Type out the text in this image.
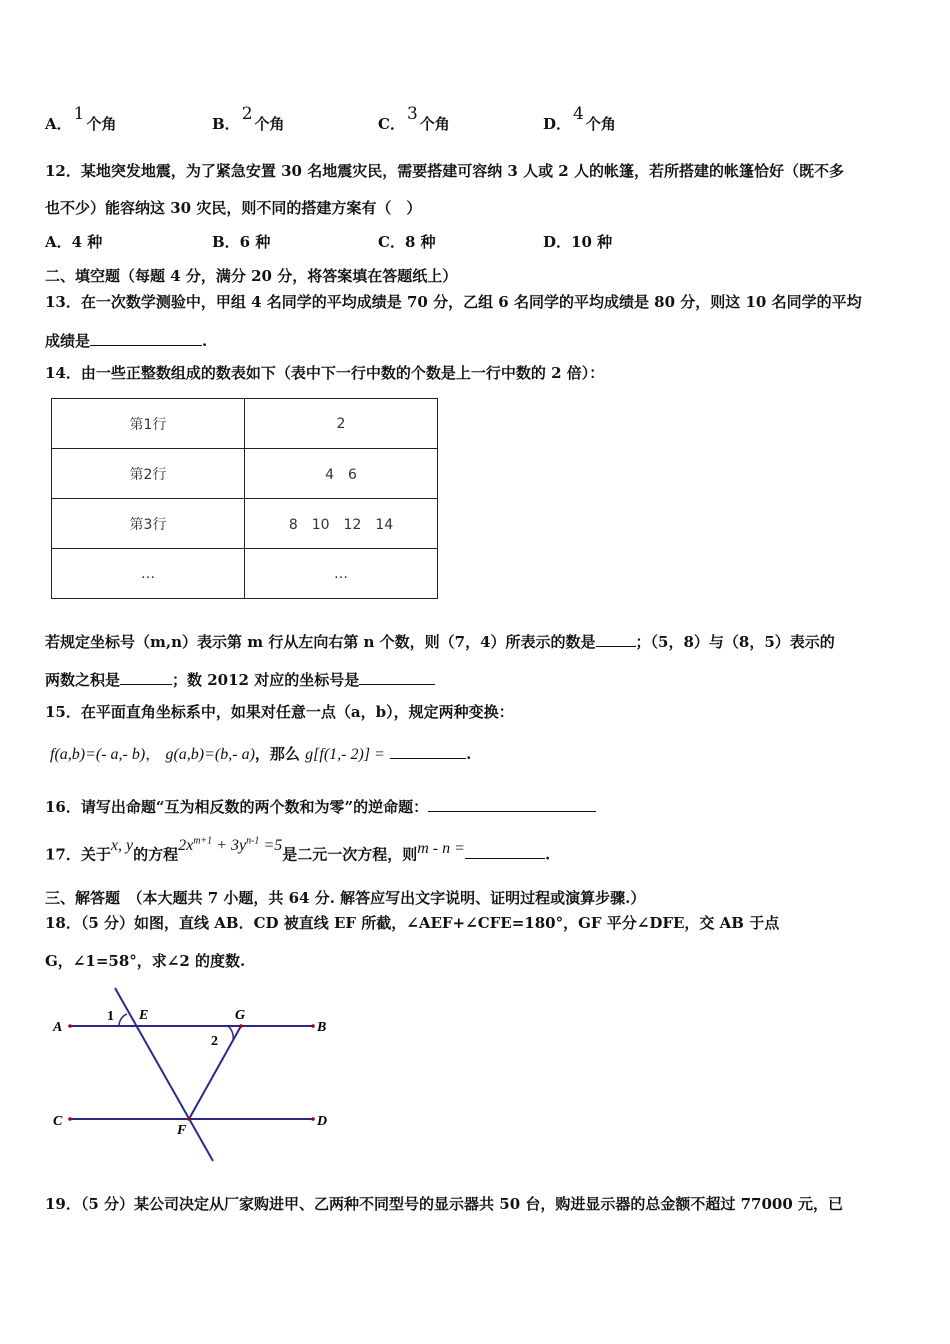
A． 1 个角	B． 2 个角	C． 3 个角	D． 4 个角
12．某地突发地震，为了紧急安置 30 名地震灾民，需要搭建可容纳 3 人或 2 人的帐篷，若所搭建的帐篷恰好（既不多
也不少）能容纳这 30 灾民，则不同的搭建方案有（　）
A．4 种	B．6 种	C．8 种	D．10 种
二、填空题（每题 4 分，满分 20 分，将答案填在答题纸上）
13．在一次数学测验中，甲组 4 名同学的平均成绩是 70 分，乙组 6 名同学的平均成绩是 80 分，则这 10 名同学的平均
成绩是	.
14．由一些正整数组成的数表如下（表中下一行中数的个数是上一行中数的 2 倍）：
第1行	2
第2行	4　6
第3行	8　10　12　14
…	…
若规定坐标号（m,n）表示第 m 行从左向右第 n 个数，则（7，4）所表示的数是	；（5，8）与（8，5）表示的
两数之积是	；数 2012 对应的坐标号是
15．在平面直角坐标系中，如果对任意一点（a，b），规定两种变换：
f(a,b)=(- a,- b)， g(a,b)=(b,- a)，那么 g[f(1,- 2)] =	.
16．请写出命题“互为相反数的两个数和为零”的逆命题：
17．关于x, y的方程$2x^{m+1} + 3y^{n-1} =5$是二元一次方程，则m - n =	.
三、解答题　（本大题共 7 小题，共 64 分. 解答应写出文字说明、证明过程或演算步骤.）
18．（5 分）如图，直线 AB．CD 被直线 EF 所截，∠AEF+∠CFE=180°，GF 平分∠DFE，交 AB 于点
G，∠1=58°，求∠2 的度数.
A	B
C	D
E	G
F
1
2
19．（5 分）某公司决定从厂家购进甲、乙两种不同型号的显示器共 50 台，购进显示器的总金额不超过 77000 元，已
